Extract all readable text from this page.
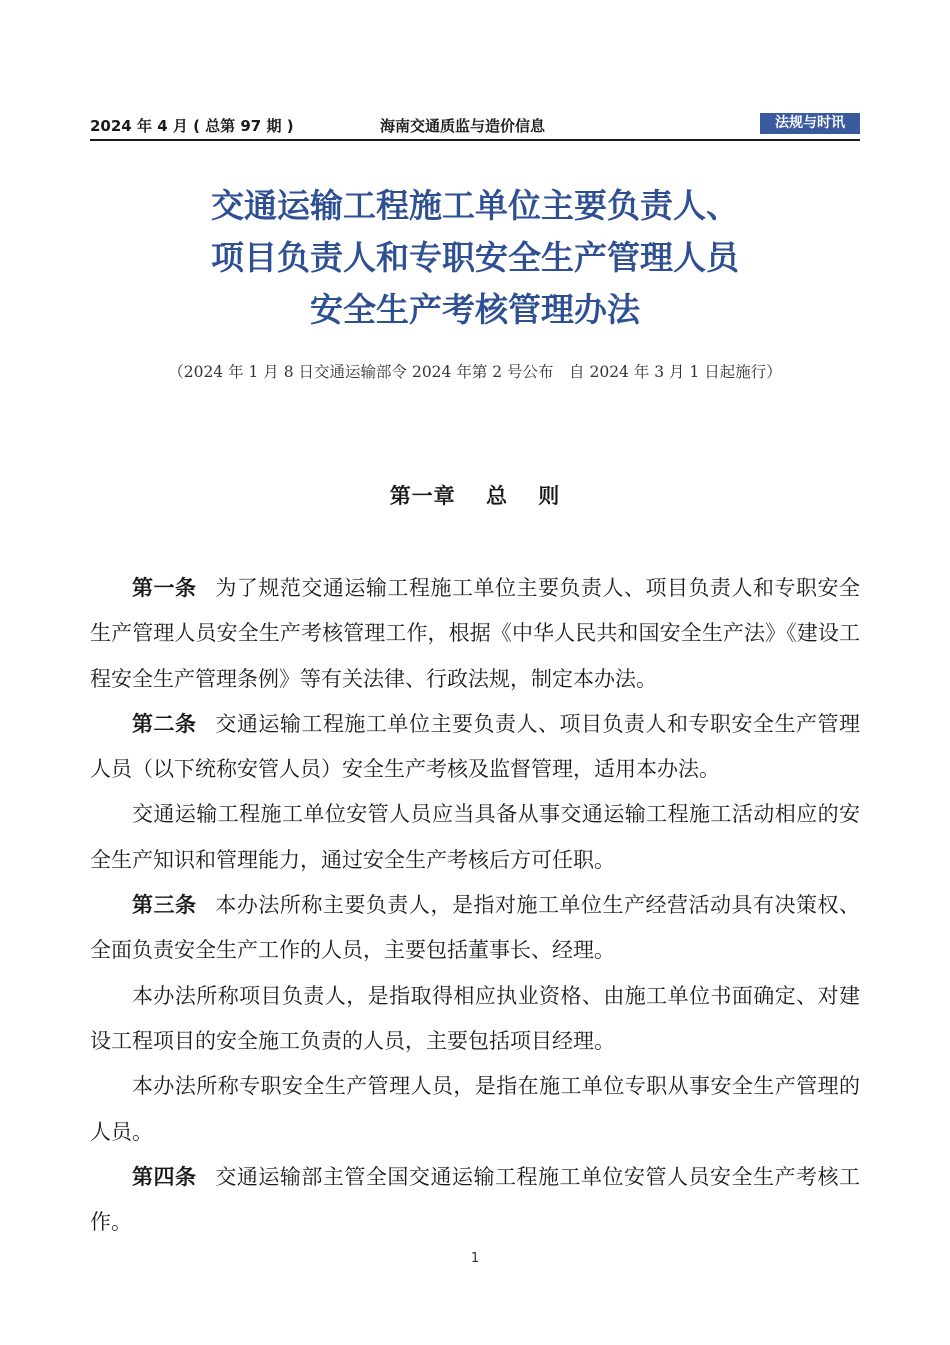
2024 年 4 月 ( 总第 97 期 )	海南交通质监与造价信息	法规与时讯
交通运输工程施工单位主要负责人、
项目负责人和专职安全生产管理人员
安全生产考核管理办法
（2024 年 1 月 8 日交通运输部令 2024 年第 2 号公布　自 2024 年 3 月 1 日起施行）
第一章　 总　 则

第一条 为了规范交通运输工程施工单位主要负责人、项目负责人和专职安全生产管理人员安全生产考核管理工作，根据《中华人民共和国安全生产法》《建设工程安全生产管理条例》等有关法律、行政法规，制定本办法。

第二条 交通运输工程施工单位主要负责人、项目负责人和专职安全生产管理人员（以下统称安管人员）安全生产考核及监督管理，适用本办法。

交通运输工程施工单位安管人员应当具备从事交通运输工程施工活动相应的安全生产知识和管理能力，通过安全生产考核后方可任职。

第三条 本办法所称主要负责人，是指对施工单位生产经营活动具有决策权、全面负责安全生产工作的人员，主要包括董事长、经理。

本办法所称项目负责人，是指取得相应执业资格、由施工单位书面确定、对建设工程项目的安全施工负责的人员，主要包括项目经理。

本办法所称专职安全生产管理人员，是指在施工单位专职从事安全生产管理的人员。

第四条 交通运输部主管全国交通运输工程施工单位安管人员安全生产考核工作。

1
